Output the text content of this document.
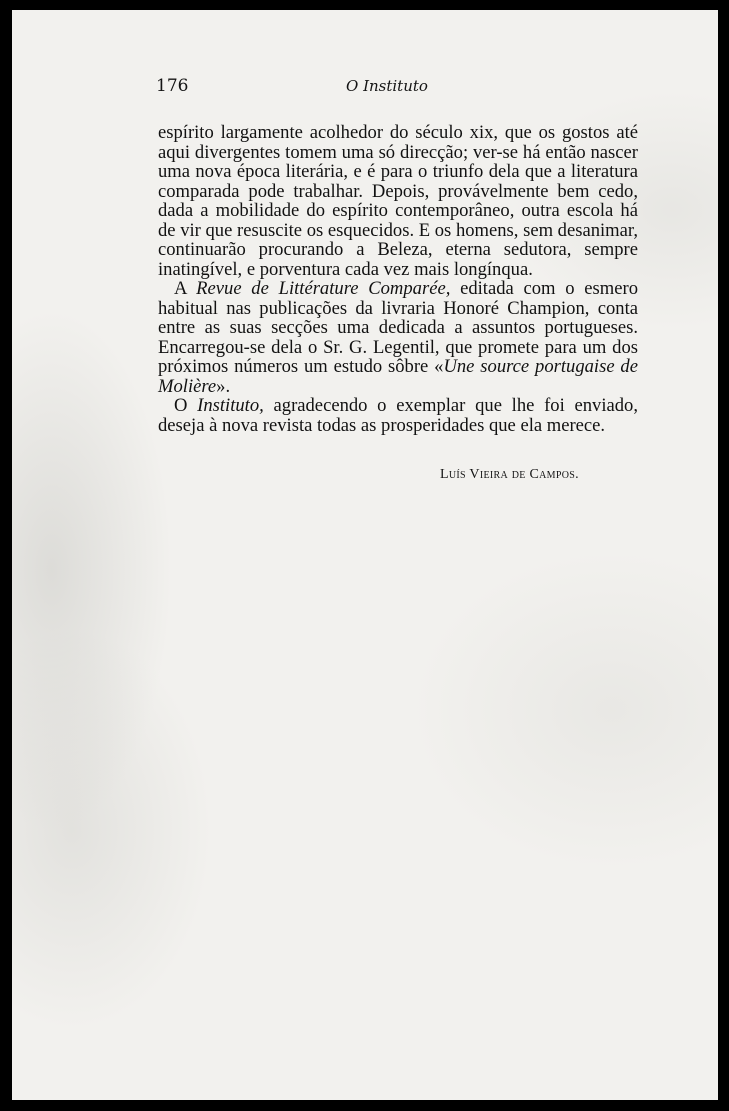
176	O Instituto

espírito largamente acolhedor do século xix, que os gostos até aqui divergentes tomem uma só direcção; ver-se há então nascer uma nova época literária, e é para o triunfo dela que a literatura comparada pode trabalhar. Depois, provávelmente bem cedo, dada a mobilidade do espírito contemporâneo, outra escola há de vir que resuscite os esquecidos. E os homens, sem desanimar, continuarão procurando a Beleza, eterna sedutora, sempre inatingível, e porventura cada vez mais longínqua.

A Revue de Littérature Comparée, editada com o esmero habitual nas publicações da livraria Honoré Champion, conta entre as suas secções uma dedicada a assuntos portugueses. Encarregou-se dela o Sr. G. Legentil, que promete para um dos próximos números um estudo sôbre «Une source portugaise de Molière».

O Instituto, agradecendo o exemplar que lhe foi enviado, deseja à nova revista todas as prosperidades que ela merece.

Luís Vieira de Campos.
